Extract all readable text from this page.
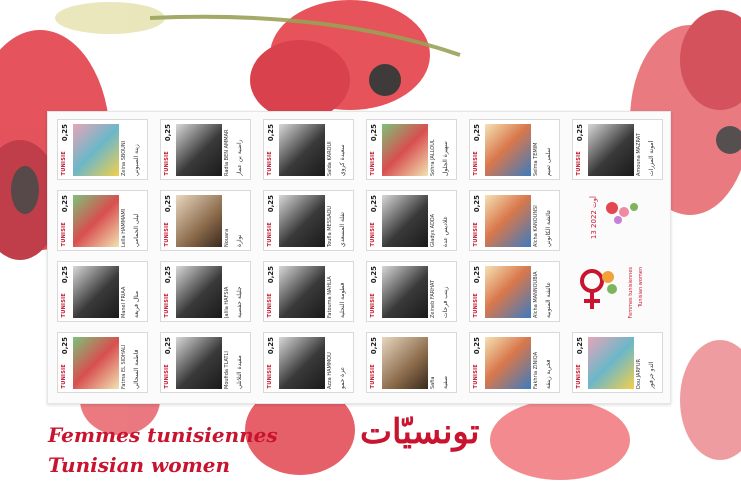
0,25
TUNISIE	Zeina SBOUNI	زينة الصبوني
0,25
TUNISIE	Radia BEN AMMAR	راضية بن عمار
0,25
TUNISIE	Saïda KAROUI	سعيدة كروي
0,25
TUNISIE	Sohra JALLOUL	سهيرة الجلول
0,25
TUNISIE	Selma TEMIM	سلمى تميم
0,25
TUNISIE	Amouna MAZRAT	أمونة المزرات
0,25
TUNISIE	Leïla HAMMAMI	ليلى الحمامي
0,25
TUNISIE	Nouara	نوارة
0,25
TUNISIE	Toufla MESSAOU	تفلة المسعدي
0,25
TUNISIE	Gladys ADDA	غلاديس عدة
0,25
TUNISIE	Aïcha KANOUNSI	عائشة الكانوني
0,25
TUNISIE	Manel FRIAA	منال فريعة
0,25
TUNISIE	Jalila HAFSIA	جليلة حفصية
0,25
TUNISIE	Fatouma NAHLIA	فطومة النحلية
0,25
TUNISIE	Zeineb FARHAT	زينب فرحات
0,25
TUNISIE	Aïcha MANNOUBIA	عائشة المنوبية
0,25
TUNISIE	Fatma EL SIDHALI	فاطمة السحالي
0,25
TUNISIE	Moufida TLATLI	مفيدة التلاتلي
0,25
TUNISIE	Azza HAMMOU	عزة حمو
0,25
TUNISIE	Safia	صفية
0,25
TUNISIE	Fakhria ZINIQA	فخرية زينقة
0,25
TUNISIE	Dou JARFUR	الدو جرفور
13 أوت 2022
Femmes tunisiennes Tunisian women
Femmes tunisiennes
Tunisian women
تونسيّات
